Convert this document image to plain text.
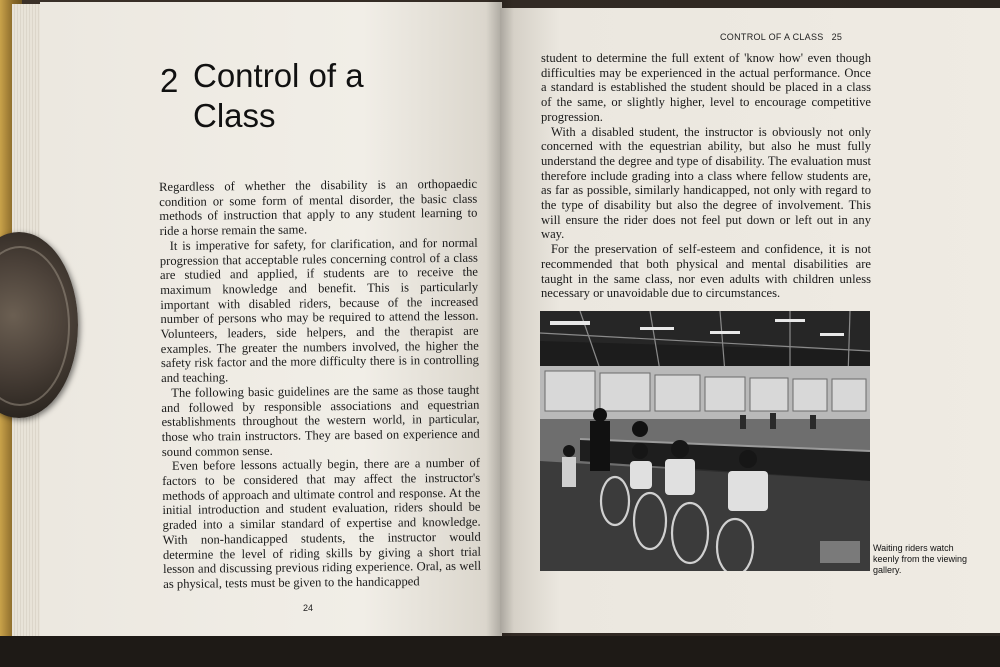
2 Control of a Class

Regardless of whether the disability is an orthopaedic condition or some form of mental disorder, the basic class methods of instruction that apply to any student learning to ride a horse remain the same.

It is imperative for safety, for clarification, and for normal progression that acceptable rules concerning control of a class are studied and applied, if students are to receive the maximum knowledge and benefit. This is particularly important with disabled riders, because of the increased number of persons who may be required to attend the lesson. Volunteers, leaders, side helpers, and the therapist are examples. The greater the numbers involved, the higher the safety risk factor and the more difficulty there is in controlling and teaching.

The following basic guidelines are the same as those taught and followed by responsible associations and equestrian establishments throughout the western world, in particular, those who train instructors. They are based on experience and sound common sense.

Even before lessons actually begin, there are a number of factors to be considered that may affect the instructor's methods of approach and ultimate control and response. At the initial introduction and student evaluation, riders should be graded into a similar standard of expertise and knowledge. With non-handicapped students, the instructor would determine the level of riding skills by giving a short trial lesson and discussing previous riding experience. Oral, as well as physical, tests must be given to the handicapped

24
CONTROL OF A CLASS 25

student to determine the full extent of 'know how' even though difficulties may be experienced in the actual performance. Once a standard is established the student should be placed in a class of the same, or slightly higher, level to encourage competitive progression.

With a disabled student, the instructor is obviously not only concerned with the equestrian ability, but also he must fully understand the degree and type of disability. The evaluation must therefore include grading into a class where fellow students are, as far as possible, similarly handicapped, not only with regard to the type of disability but also the degree of involvement. This will ensure the rider does not feel put down or left out in any way.

For the preservation of self-esteem and confidence, it is not recommended that both physical and mental disabilities are taught in the same class, nor even adults with children unless necessary or unavoidable due to circumstances.

Waiting riders watch keenly from the viewing gallery.
